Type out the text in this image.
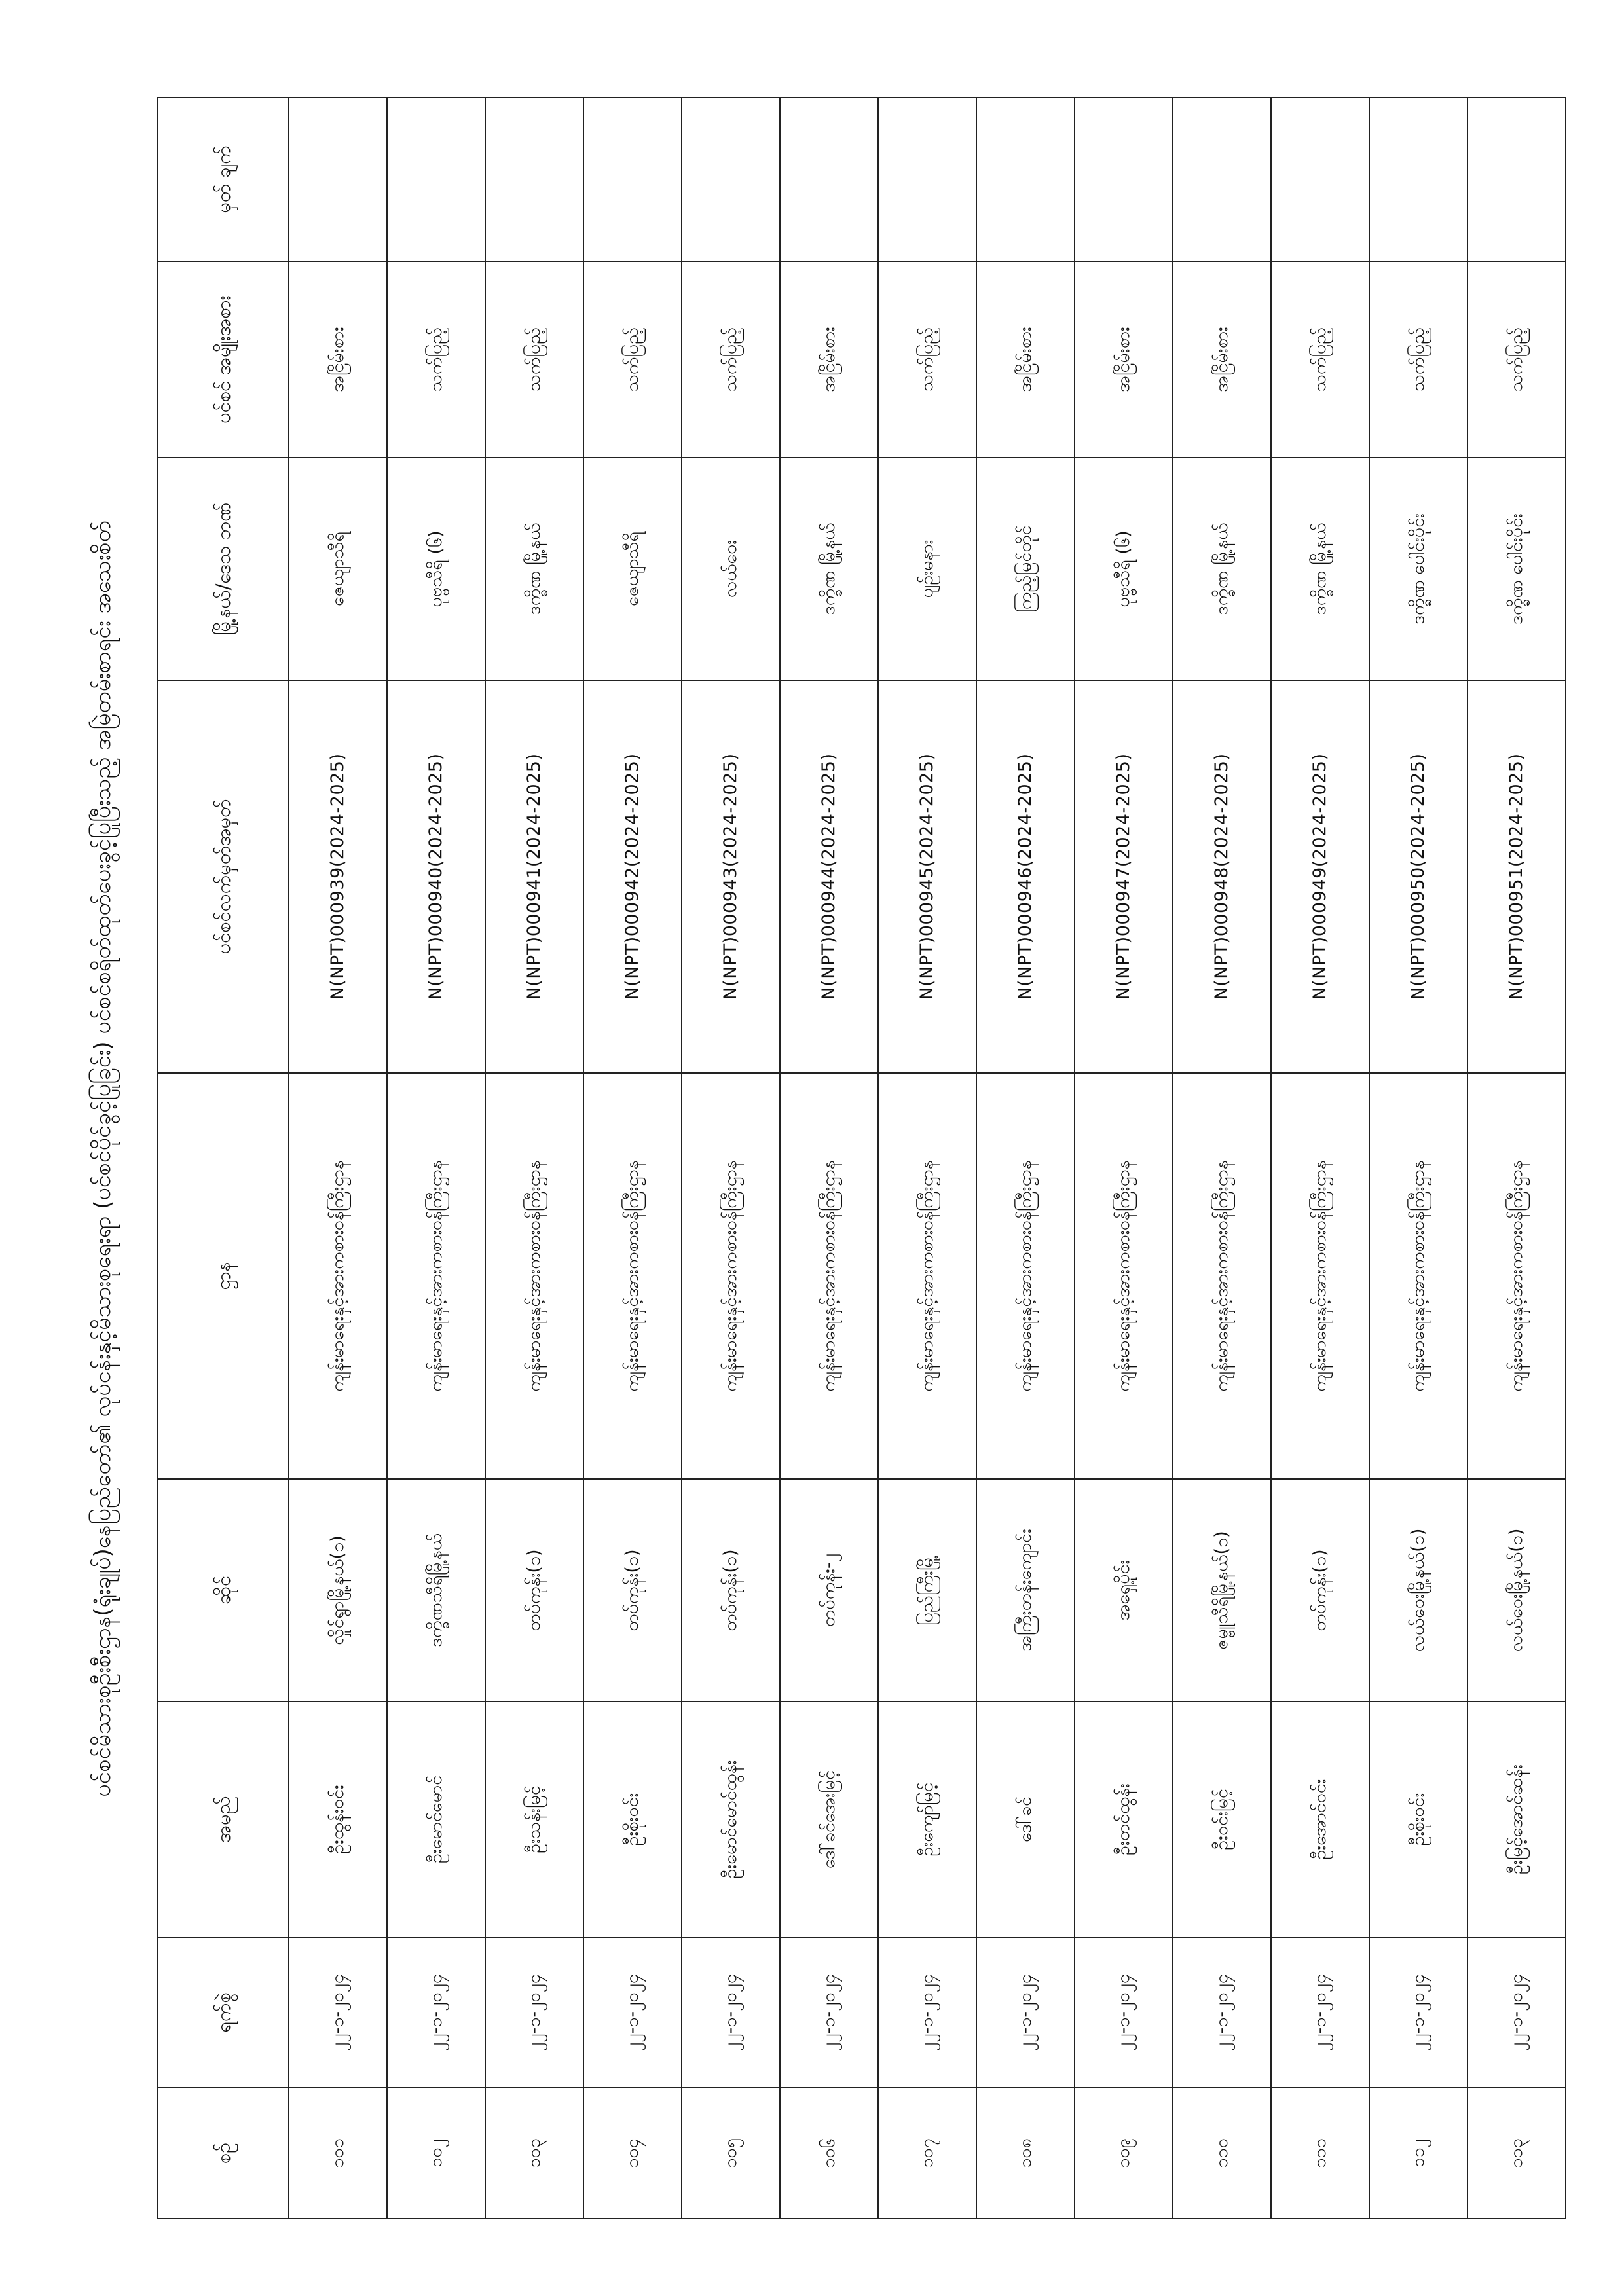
ပင်စင်မိသားစုဦးစီးဌာန(ရုံးချုပ်)နေပြည်တော်၏ လုပ်ငန်းနှင့်မိသားစုရေးရာ (ပင်စင်ပိုင်ခွင့်ပြုခြင်း) ပင်စင်စရိတ်ထုတ်ပေးခွင့်ပြုပြီးသည့် အမြဲတမ်းစာရင်း အသေးစိတ်
စဥ်	ရက်စွဲ	အမည်	ဆိုင်	ဌာန	ပင်စင်လက်မှတ်အမှတ်	မြို့နယ်/ဒေသ ဘဏ်	ပင်စင် အမျိုးအစား	မှတ် ချက်
၁၀၁	၂၂-၁-၂၀၂၄	ဦးထွန်းဝင်း	လှိုင်ရွာမြို့နယ်(၁)	ကျန်းမာရေးနှင့်အားကစားဝန်ကြီးဌာန	N(NPT)000939(2024-2025)	ဇေယျာသီရိ	အငြိမ်းစား	
၁၀၂	၂၂-၁-၂၀၂၄	ဦးမောင်မောင်	ဒက္ခိဏသီရိမြို့နယ်	ကျန်းမာရေးနှင့်အားကစားဝန်ကြီးဌာန	N(NPT)000940(2024-2025)	ပုဗ္ဗသီရိ (၆)	သက်ပြည့်	
၁၀၃	၂၂-၁-၂၀၂၄	ဦးသန်းမြင့်	တပ်ကုန်း(၁)	ကျန်းမာရေးနှင့်အားကစားဝန်ကြီးဌာန	N(NPT)000941(2024-2025)	ဒက္ခိဏ မြို့နယ်	သက်ပြည့်	
၁၀၄	၂၂-၁-၂၀၂၄	ဦးစိုးဝင်း	တပ်ကုန်း(၁)	ကျန်းမာရေးနှင့်အားကစားဝန်ကြီးဌာန	N(NPT)000942(2024-2025)	ဇေယျာသီရိ	သက်ပြည့်	
၁၀၅	၂၂-၁-၂၀၂၄	ဦးမောင်မောင်ထွန်း	တပ်ကုန်း(၁)	ကျန်းမာရေးနှင့်အားကစားဝန်ကြီးဌာန	N(NPT)000943(2024-2025)	လယ်ဝေး	သက်ပြည့်	
၁၀၆	၂၂-၁-၂၀၂၄	ဒေါ်ခင်အေးမြင့်	တပ်ကုန်း-၂	ကျန်းမာရေးနှင့်အားကစားဝန်ကြီးဌာန	N(NPT)000944(2024-2025)	ဒက္ခိဏ မြို့နယ်	အငြိမ်းစား	
၁၀၇	၂၂-၁-၂၀၂၄	ဦးကျော်မြင့်	ပြည်ကြီးမြို့	ကျန်းမာရေးနှင့်အားကစားဝန်ကြီးဌာန	N(NPT)000945(2024-2025)	ပျဉ်းမနား	သက်ပြည့်	
၁၀၈	၂၂-၁-၂၀၂၄	ဒေါ်ခင်	အကြီးတန်းကျောင်း	ကျန်းမာရေးနှင့်အားကစားဝန်ကြီးဌာန	N(NPT)000946(2024-2025)	ကြည့်မြင်တိုင်	အငြိမ်းစား	
၁၀၉	၂၂-၁-၂၀၂၄	ဦးတင်ထွန်း	အရှေ့ပိုင်း	ကျန်းမာရေးနှင့်အားကစားဝန်ကြီးဌာန	N(NPT)000947(2024-2025)	ပုဗ္ဗသီရိ (၆)	အငြိမ်းစား	
၁၁၀	၂၂-၁-၂၀၂၄	ဦးဝင်းမြင့်	ဇမ္ဗူသီရိမြို့နယ်(၁)	ကျန်းမာရေးနှင့်အားကစားဝန်ကြီးဌာန	N(NPT)000948(2024-2025)	ဒက္ခိဏ မြို့နယ်	အငြိမ်းစား	
၁၁၁	၂၂-၁-၂၀၂၄	ဦးအောင်ဝင်း	တပ်ကုန်း(၁)	ကျန်းမာရေးနှင့်အားကစားဝန်ကြီးဌာန	N(NPT)000949(2024-2025)	ဒက္ခိဏ မြို့နယ်	သက်ပြည့်	
၁၁၂	၂၂-၁-၂၀၂၄	ဦးစိုးဝင်း	လယ်ဝေးမြို့နယ်(၁)	ကျန်းမာရေးနှင့်အားကစားဝန်ကြီးဌာန	N(NPT)000950(2024-2025)	ဒက္ခိဏ ပေါင်းပိုင်း	သက်ပြည့်	
၁၁၃	၂၂-၁-၂၀၂၄	ဦးမြင့်အောင်ဆန်း	လယ်ဝေးမြို့နယ်(၁)	ကျန်းမာရေးနှင့်အားကစားဝန်ကြီးဌာန	N(NPT)000951(2024-2025)	ဒက္ခိဏ ပေါင်းပိုင်း	သက်ပြည့်	
